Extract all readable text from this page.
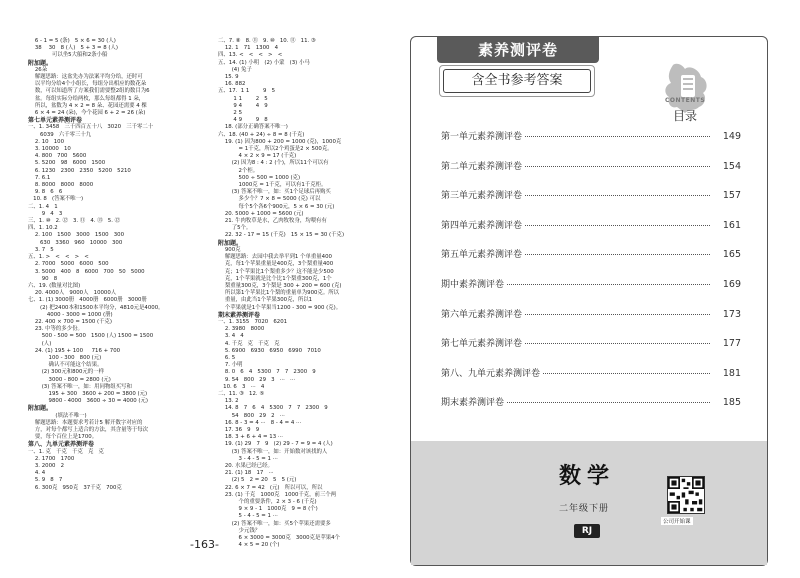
6 - 1 = 5 (条)   5 × 6 = 30 (人)
38    30   8 (人)   5 + 3 = 8 (人)
可以坐5大船和2条小船
附加题。
26朵
解题思路：这盆先办为法案平均分给，还时可
以平均分给4个小组长，每组分出相应的数花朵
数，可以知道所了方案我们需要整2组的数目为6
盆。每组实际分给两枚，那么每组都得 1 朵，
所以，盆数为 4 × 2 = 8 朵、花园还需要 4 棵
6 × 4 = 24 (朵)，今个花园 6 + 2 = 26 (朵)
第七单元素养测评卷
一、1. 3458   三千四百五十八   3020   三千零二十
6039   六千零三十九
2. 10   100
3. 10000   10
4. 800   700   5600
5. 5200   98   6000   1500
6. 1230   2300   2350   5200   5210
7. 6.1
8. 8000   8000   8000
9. 8   6   6
10. 8   (答案不唯一)
二、1. 4   1
9   4   3
三、1. ⑩   2. ⑫   3. ⑪   4. ⑬   5. ⑫
四、1. 10.2
2. 100   1500   3000   1500   300
630   3360   960   10000   300
3. 7   5
五、1. >   <   <   >   <
2. 7000   5000   6000   500
3. 5000   400   8   6000   700   50   5000
90   8
六、19. (数量对比图)
20. 4000人   9000人   10000人
七、1. (1) 3000册   4000册   6000册   3000册
(2) 把2400本和1500本平均分，4810元是4000。
4000 - 3000 = 1000 (册)
22. 400 × 700 = 1500 (千克)
23. 中等的多少份。
500 - 500 = 500   1500 (人) 1500 = 1500
(人)
24. (1) 195 + 100     716 + 700
100 - 300   800 (元)
确认不可能这个结果。
(2) 300元和800元的一样
3000 - 800 = 2800 (元)
(3) 答案不唯一，如：用同物组买写和
195 + 300   3600 + 200 = 3800 (元)
9800 - 4000   3600 ÷ 30 = 4000 (元)
附加题。
(填法不唯一)
解题思路：本题要求考若计5 解开数字对应的
方，对每个都写上适合的方法，其含量等于每次
要，每个百位上是1700。
第八、九单元素养测评卷
一、1. 克   千克   千克   克   克
2. 1700   1700
3. 2000   2
4. 4
5. 9   8   7
6. 300克   950克   37千克   700克
二、7. ⑧   8. ⑪   9. ⑩   10. ⑪   11. ③
12. 1   71   1300   4
四、13. <   <   <   >   <
五、14. (1) 小明   (2) 小蒙   (3) 小马
(4) 兔子
15. 9
16. 882
五、17.  1 1        9   5
1 1        2   5
9 4        4   9
2 5
4 9        9   8
18. (部分正确答案不唯一)
六、18. (40 + 24) ÷ 8 = 8 (千克)
19. (1) 因为800 + 200 = 1000 (克)，1000克
= 1千克，所以2个鸡蛋是2 × 500克。
4 × 2 × 9 = 17 (千克)
(2) 因为8 : 4 : 2 (个)，所以11个可以有
2个柜。
500 ÷ 500 = 1000 (克)
1000克 = 1千克，可以有1千克柜。
(3) 答案不唯一，如：买1个足球后再购买
多少个？7 × 8 = 5000 (克) 可以
每个5个各6个900元，5 × 6 = 30 (元)
20. 5000 + 1000 = 5600 (元)
21. 牛肉牧草是水，乙肉牧牧身，均喂有有
了5个。
22. 32 - 17 = 15 (千克)   15 × 15 = 30 (千克)
附加题。
900克
解题思路：去园中我去举平到1 个单重量400
克，每1个苹果重量是400克，3个梨重量400
克；1个苹果比1个梨重多少？这不能是少500
克，1个苹果就是比个比1个梨重300克，1个
梨重量300克，3个梨是 300 + 200 = 600 (克)
所以第1个苹果比1个梨的重量单为900克。所以
重量，由此当1个苹果300克，所以1
个苹果就是1个苹果当1200 - 300 = 900 (克)。
期末素养测评卷
一、1. 3155   7020   6201
2. 3980   8000
3. 4   4
4. 千克   克   千克   克
5. 6900   6930   6950   6990   7010
6. 5
7. 小明
8. 0   6   4   5300   7   7   2300   9
9. 54   800   29   3   ···   ···
10. 6   3   ···   4
二、11. ③   12. ⑤
13. 2
14. 8   7   6   4   5300   7   7   2300   9
54   800   29   2   ···
16. 8 - 3 = 4 ···   8 - 4 = 4 ···
17. 36   9   9
18. 3 + 6 + 4 = 13 ···
19. (1) 29   7   9   (2) 29 - 7 = 9 = 4 (人)
(3) 答案不唯一，如：开始数对该找的人
3 - 4 - 5 = 1 ···
20. 水果已经已经。
21. (1) 18   17   ···
(2) 5   2 = 20   5   5 (元)
22. 6 × 7 = 42   (元)   所以可以，所以
23. (1) 千克   1000克   1000千克，前三个两
个的重要条件，2 × 3 - 6 (千克)
9 × 9 - 1   1000克   9 = 8 (个)
5 - 4 - 5 = 1 ···
(2) 答案不唯一，如：买5个苹果还需要多
少元钱？
6 × 3000 = 3000克   3000克是苹果4个
4 × 5 = 20 (个)
-163-
素养测评卷
含全书参考答案
CONTENTS
目录
第一单元素养测评卷	149
第二单元素养测评卷	154
第三单元素养测评卷	157
第四单元素养测评卷	161
第五单元素养测评卷	165
期中素养测评卷	169
第六单元素养测评卷	173
第七单元素养测评卷	177
第八、九单元素养测评卷	181
期末素养测评卷	185
数学
二年级下册
RJ
公司开始课
